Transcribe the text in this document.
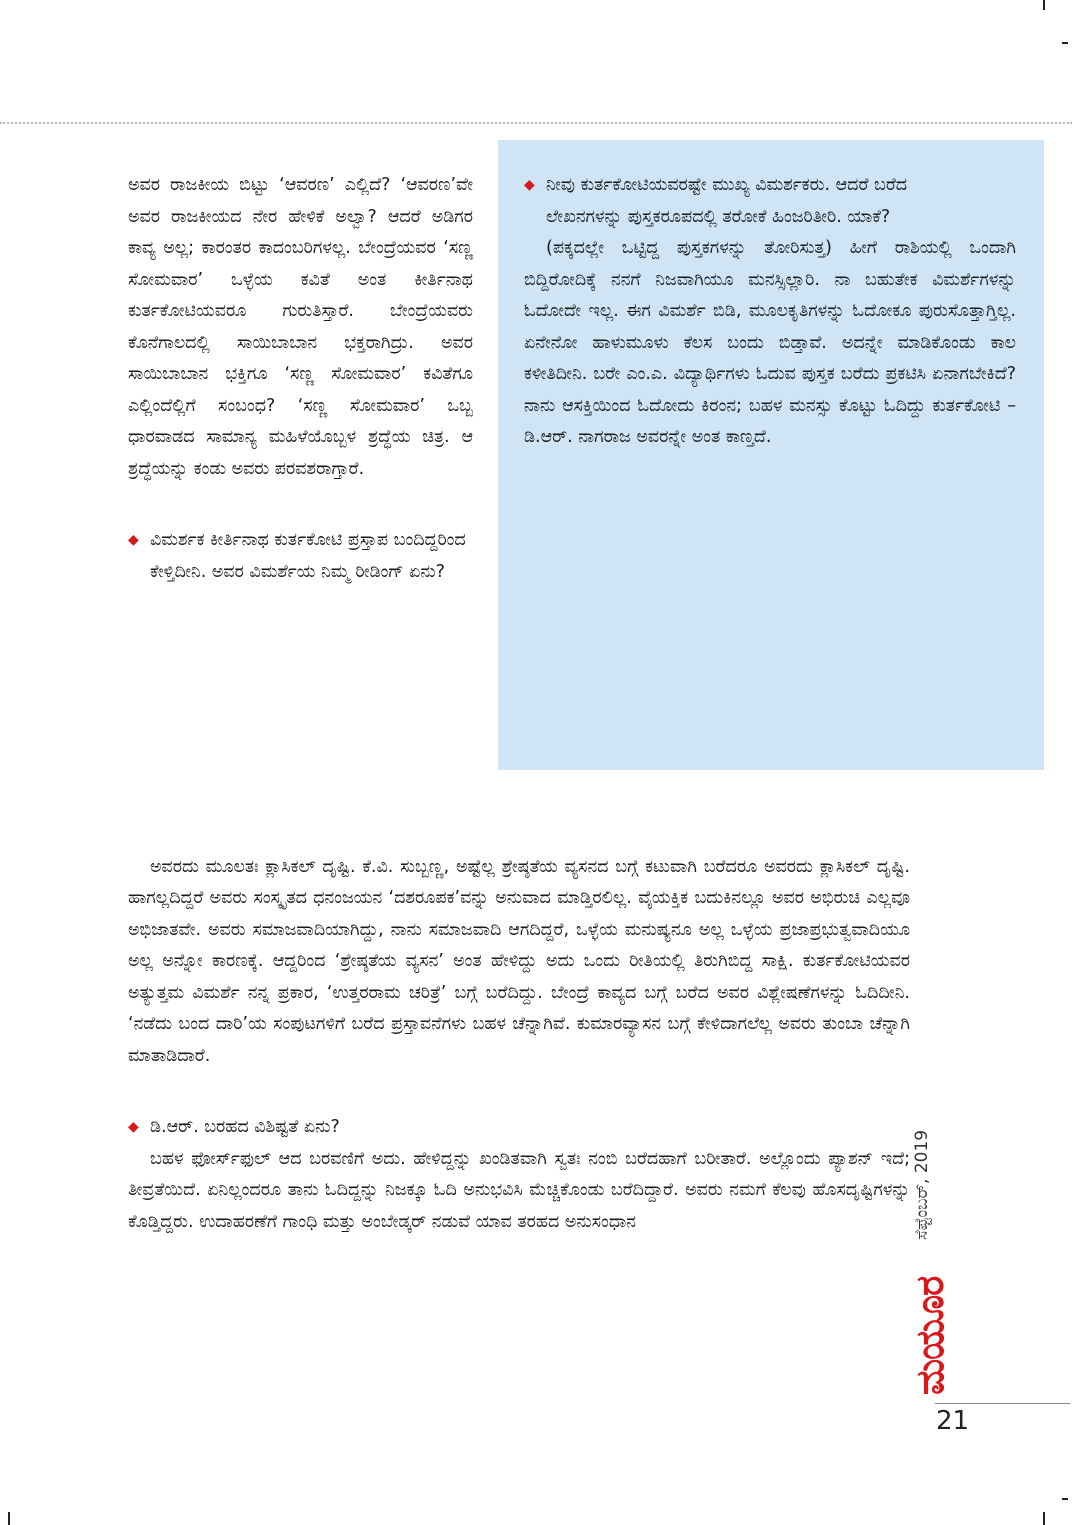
ಅವರ ರಾಜಕೀಯ ಬಿಟ್ಟು ‘ಆವರಣ’ ಎಲ್ಲಿದೆ? ‘ಆವರಣ’ವೇ ಅವರ ರಾಜಕೀಯದ ನೇರ ಹೇಳಿಕೆ ಅಲ್ವಾ? ಆದರೆ ಅಡಿಗರ ಕಾವ್ಯ ಅಲ್ಲ; ಕಾರಂತರ ಕಾದಂಬರಿಗಳಲ್ಲ. ಬೇಂದ್ರೆಯವರ ‘ಸಣ್ಣ ಸೋಮವಾರ’ ಒಳ್ಳೆಯ ಕವಿತೆ ಅಂತ ಕೀರ್ತಿನಾಥ ಕುರ್ತಕೋಟಿಯವರೂ ಗುರುತಿಸ್ತಾರೆ. ಬೇಂದ್ರೆಯವರು ಕೊನೆಗಾಲದಲ್ಲಿ ಸಾಯಿಬಾಬಾನ ಭಕ್ತರಾಗಿದ್ರು. ಅವರ ಸಾಯಿಬಾಬಾನ ಭಕ್ತಿಗೂ ‘ಸಣ್ಣ ಸೋಮವಾರ’ ಕವಿತೆಗೂ ಎಲ್ಲಿಂದೆಲ್ಲಿಗೆ ಸಂಬಂಧ? ‘ಸಣ್ಣ ಸೋಮವಾರ’ ಒಬ್ಬ ಧಾರವಾಡದ ಸಾಮಾನ್ಯ ಮಹಿಳೆಯೊಬ್ಬಳ ಶ್ರದ್ಧೆಯ ಚಿತ್ರ. ಆ ಶ್ರದ್ಧೆಯನ್ನು ಕಂಡು ಅವರು ಪರವಶರಾಗ್ತಾರೆ.

◆ ವಿಮರ್ಶಕ ಕೀರ್ತಿನಾಥ ಕುರ್ತಕೋಟಿ ಪ್ರಸ್ತಾಪ ಬಂದಿದ್ದರಿಂದ ಕೇಳ್ತಿದೀನಿ. ಅವರ ವಿಮರ್ಶೆಯ ನಿಮ್ಮ ರೀಡಿಂಗ್ ಏನು?
◆ ನೀವು ಕುರ್ತಕೋಟಿಯವರಷ್ಟೇ ಮುಖ್ಯ ವಿಮರ್ಶಕರು. ಆದರೆ ಬರೆದ ಲೇಖನಗಳನ್ನು ಪುಸ್ತಕರೂಪದಲ್ಲಿ ತರೋಕೆ ಹಿಂಜರಿತೀರಿ. ಯಾಕೆ?

(ಪಕ್ಕದಲ್ಲೇ ಒಟ್ಟಿದ್ದ ಪುಸ್ತಕಗಳನ್ನು ತೋರಿಸುತ್ತ) ಹೀಗೆ ರಾಶಿಯಲ್ಲಿ ಒಂದಾಗಿ ಬಿದ್ದಿರೋದಿಕ್ಕೆ ನನಗೆ ನಿಜವಾಗಿಯೂ ಮನಸ್ಸಿಲ್ಲಾರಿ. ನಾ ಬಹುತೇಕ ವಿಮರ್ಶೆಗಳನ್ನು ಓದೋದೇ ಇಲ್ಲ. ಈಗ ವಿಮರ್ಶೆ ಬಿಡಿ, ಮೂಲಕೃತಿಗಳನ್ನು ಓದೋಕೂ ಪುರುಸೊತ್ತಾಗ್ತಿಲ್ಲ. ಏನೇನೋ ಹಾಳುಮೂಳು ಕೆಲಸ ಬಂದು ಬಿಡ್ತಾವೆ. ಅದನ್ನೇ ಮಾಡಿಕೊಂಡು ಕಾಲ ಕಳೀತಿದೀನಿ. ಬರೇ ಎಂ.ಎ. ವಿದ್ಯಾರ್ಥಿಗಳು ಓದುವ ಪುಸ್ತಕ ಬರೆದು ಪ್ರಕಟಿಸಿ ಏನಾಗಬೇಕಿದೆ? ನಾನು ಆಸಕ್ತಿಯಿಂದ ಓದೋದು ಕಿರಂನ; ಬಹಳ ಮನಸ್ಸು ಕೊಟ್ಟು ಓದಿದ್ದು ಕುರ್ತಕೋಟಿ – ಡಿ.ಆರ್. ನಾಗರಾಜ ಅವರನ್ನೇ ಅಂತ ಕಾಣ್ತದೆ.

ಅವರದು ಮೂಲತಃ ಕ್ಲಾಸಿಕಲ್ ದೃಷ್ಟಿ. ಕೆ.ವಿ. ಸುಬ್ಬಣ್ಣ, ಅಷ್ಟೆಲ್ಲ ಶ್ರೇಷ್ಠತೆಯ ವ್ಯಸನದ ಬಗ್ಗೆ ಕಟುವಾಗಿ ಬರೆದರೂ ಅವರದು ಕ್ಲಾಸಿಕಲ್ ದೃಷ್ಟಿ. ಹಾಗಲ್ಲದಿದ್ದರೆ ಅವರು ಸಂಸ್ಕೃತದ ಧನಂಜಯನ ‘ದಶರೂಪಕ’ವನ್ನು ಅನುವಾದ ಮಾಡ್ತಿರಲಿಲ್ಲ. ವೈಯಕ್ತಿಕ ಬದುಕಿನಲ್ಲೂ ಅವರ ಅಭಿರುಚಿ ಎಲ್ಲವೂ ಅಭಿಜಾತವೇ. ಅವರು ಸಮಾಜವಾದಿಯಾಗಿದ್ದು, ನಾನು ಸಮಾಜವಾದಿ ಆಗದಿದ್ದರೆ, ಒಳ್ಳೆಯ ಮನುಷ್ಯನೂ ಅಲ್ಲ ಒಳ್ಳೆಯ ಪ್ರಜಾಪ್ರಭುತ್ವವಾದಿಯೂ ಅಲ್ಲ ಅನ್ನೋ ಕಾರಣಕ್ಕೆ. ಆದ್ದರಿಂದ ‘ಶ್ರೇಷ್ಠತೆಯ ವ್ಯಸನ’ ಅಂತ ಹೇಳಿದ್ದು ಅದು ಒಂದು ರೀತಿಯಲ್ಲಿ ತಿರುಗಿಬಿದ್ದ ಸಾಕ್ಷಿ. ಕುರ್ತಕೋಟಿಯವರ ಅತ್ಯುತ್ತಮ ವಿಮರ್ಶೆ ನನ್ನ ಪ್ರಕಾರ, ‘ಉತ್ತರರಾಮ ಚರಿತ್ರೆ’ ಬಗ್ಗೆ ಬರೆದಿದ್ದು. ಬೇಂದ್ರೆ ಕಾವ್ಯದ ಬಗ್ಗೆ ಬರೆದ ಅವರ ವಿಶ್ಲೇಷಣೆಗಳನ್ನು ಓದಿದೀನಿ. ‘ನಡೆದು ಬಂದ ದಾರಿ’ಯ ಸಂಪುಟಗಳಿಗೆ ಬರೆದ ಪ್ರಸ್ತಾವನೆಗಳು ಬಹಳ ಚೆನ್ನಾಗಿವೆ. ಕುಮಾರವ್ಯಾಸನ ಬಗ್ಗೆ ಕೇಳಿದಾಗಲೆಲ್ಲ ಅವರು ತುಂಬಾ ಚೆನ್ನಾಗಿ ಮಾತಾಡಿದಾರೆ.

◆ ಡಿ.ಆರ್. ಬರಹದ ವಿಶಿಷ್ಟತೆ ಏನು?

ಬಹಳ ಫೋರ್ಸ್‌ಫುಲ್ ಆದ ಬರವಣಿಗೆ ಅದು. ಹೇಳಿದ್ದನ್ನು ಖಂಡಿತವಾಗಿ ಸ್ವತಃ ನಂಬಿ ಬರೆದಹಾಗೆ ಬರೀತಾರೆ. ಅಲ್ಲೊಂದು ಪ್ಯಾಶನ್ ಇದೆ; ತೀವ್ರತೆಯಿದೆ. ಏನಿಲ್ಲಂದರೂ ತಾನು ಓದಿದ್ದನ್ನು ನಿಜಕ್ಕೂ ಓದಿ ಅನುಭವಿಸಿ ಮೆಚ್ಚಿಕೊಂಡು ಬರೆದಿದ್ದಾರೆ. ಅವರು ನಮಗೆ ಕೆಲವು ಹೊಸದೃಷ್ಟಿಗಳನ್ನು ಕೊಡ್ತಿದ್ದರು. ಉದಾಹರಣೆಗೆ ಗಾಂಧಿ ಮತ್ತು ಅಂಬೇಡ್ಕರ್ ನಡುವೆ ಯಾವ ತರಹದ ಅನುಸಂಧಾನ	ಸೆಪ್ಟೆಂಬರ್, 2019
ಮಯೂರ
21
